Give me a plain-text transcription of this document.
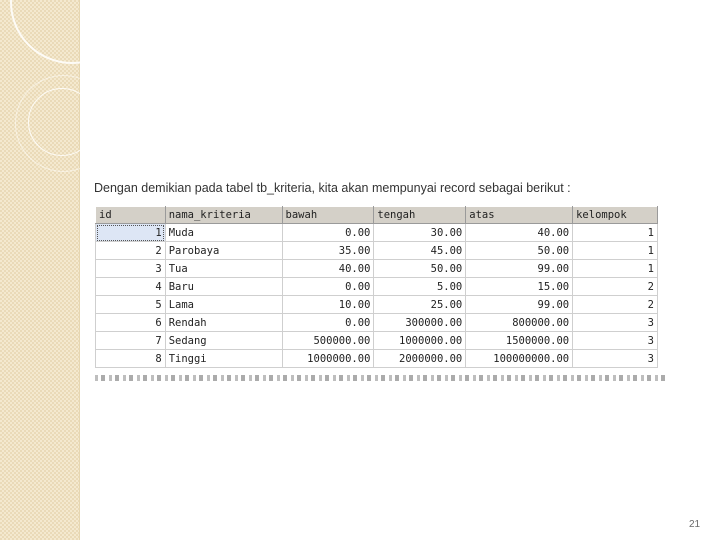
Dengan demikian pada tabel tb_kriteria, kita akan mempunyai record sebagai berikut :
id	nama_kriteria	bawah	tengah	atas	kelompok
1	Muda	0.00	30.00	40.00	1
2	Parobaya	35.00	45.00	50.00	1
3	Tua	40.00	50.00	99.00	1
4	Baru	0.00	5.00	15.00	2
5	Lama	10.00	25.00	99.00	2
6	Rendah	0.00	300000.00	800000.00	3
7	Sedang	500000.00	1000000.00	1500000.00	3
8	Tinggi	1000000.00	2000000.00	100000000.00	3
21
